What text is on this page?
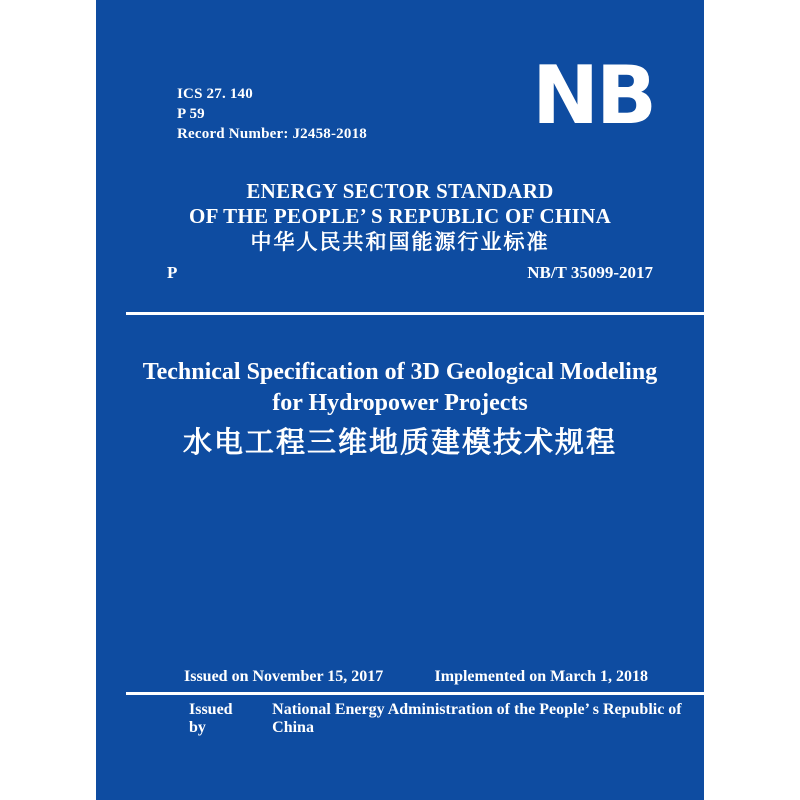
ICS 27. 140
P 59
Record Number: J2458-2018 NB
ENERGY SECTOR STANDARD
OF THE PEOPLE’ S REPUBLIC OF CHINA
中华人民共和国能源行业标准
P	NB/T 35099-2017
Technical Specification of 3D Geological Modeling
for Hydropower Projects
水电工程三维地质建模技术规程
Issued on November 15, 2017	Implemented on March 1, 2018
Issued by
National Energy Administration of the People’ s Republic of China
